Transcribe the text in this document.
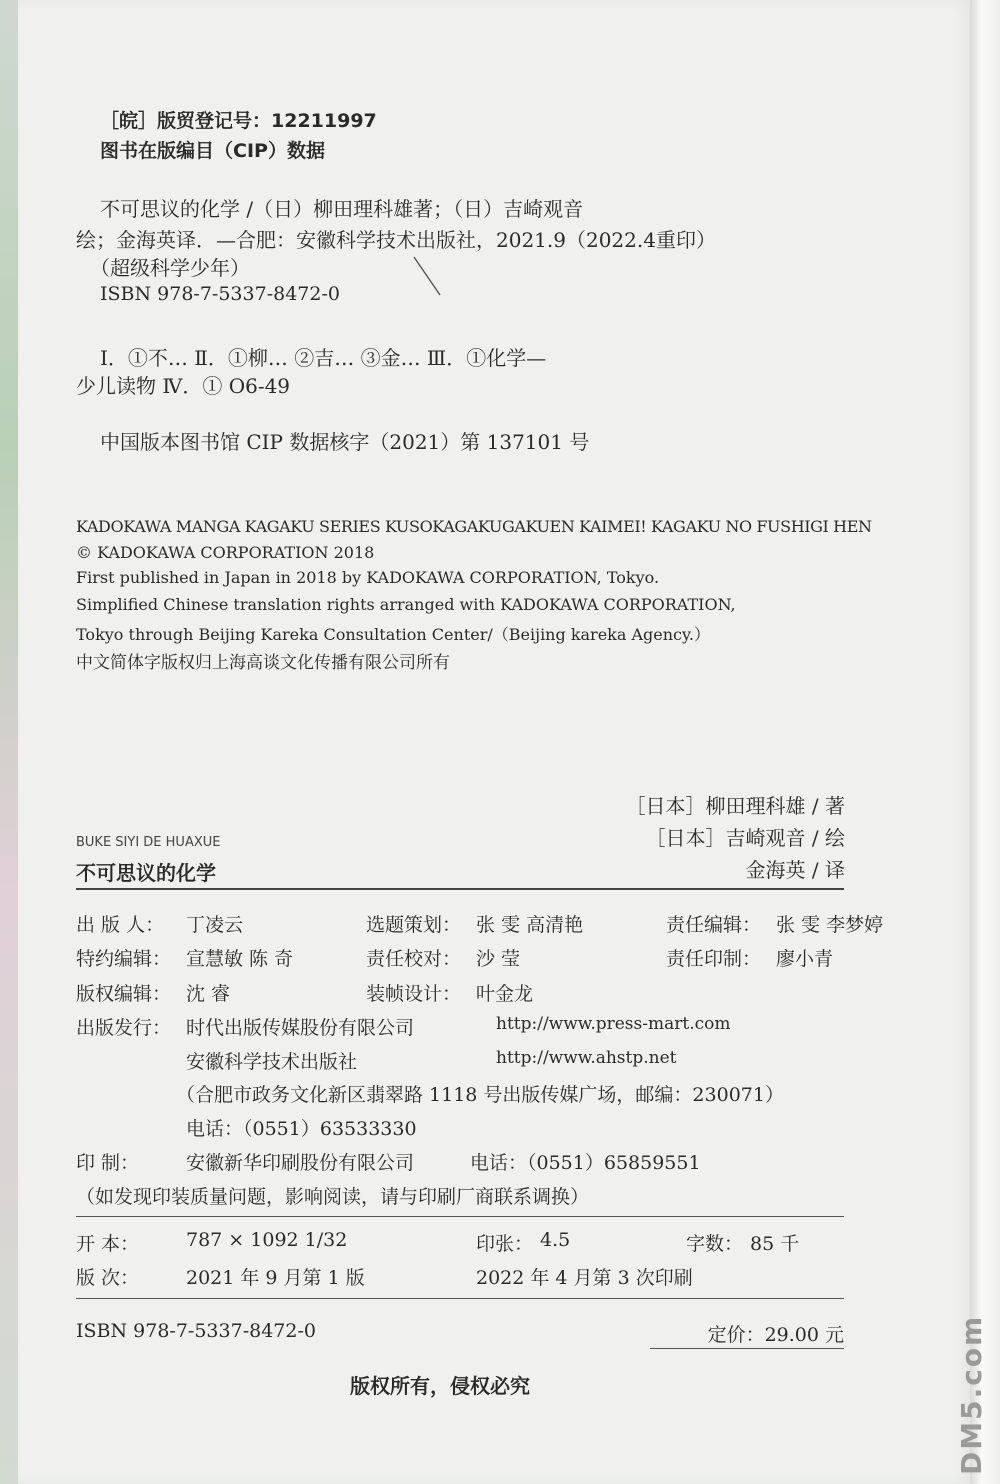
［皖］版贸登记号：12211997
图书在版编目（CIP）数据
不可思议的化学 /（日）柳田理科雄著；（日）吉崎观音
绘；金海英译．—合肥：安徽科学技术出版社，2021.9（2022.4重印）
（超级科学少年）
ISBN 978-7-5337-8472-0
Ⅰ．①不… Ⅱ．①柳… ②吉… ③金… Ⅲ．①化学—
少儿读物 Ⅳ．① O6-49
中国版本图书馆 CIP 数据核字（2021）第 137101 号
KADOKAWA MANGA KAGAKU SERIES KUSOKAGAKUGAKUEN KAIMEI! KAGAKU NO FUSHIGI HEN
© KADOKAWA CORPORATION 2018
First published in Japan in 2018 by KADOKAWA CORPORATION, Tokyo.
Simplified Chinese translation rights arranged with KADOKAWA CORPORATION,
Tokyo through Beijing Kareka Consultation Center/（Beijing kareka Agency.）
中文简体字版权归上海高谈文化传播有限公司所有
［日本］柳田理科雄 / 著
［日本］吉崎观音 / 绘
金海英 / 译
BUKE SIYI DE HUAXUE
不可思议的化学
出 版 人： 丁凌云	选题策划： 张 雯 高清艳	责任编辑： 张 雯 李梦婷
特约编辑： 宣慧敏 陈 奇	责任校对： 沙 莹	责任印制： 廖小青
版权编辑： 沈 睿	装帧设计： 叶金龙
出版发行： 时代出版传媒股份有限公司	http://www.press-mart.com
安徽科学技术出版社	http://www.ahstp.net
（合肥市政务文化新区翡翠路 1118 号出版传媒广场，邮编：230071）
电话：（0551）63533330
印 制： 安徽新华印刷股份有限公司	电话：（0551）65859551
（如发现印装质量问题，影响阅读，请与印刷厂商联系调换）
开 本： 787 × 1092 1/32	印张： 4.5	字数： 85 千
版 次： 2021 年 9 月第 1 版	2022 年 4 月第 3 次印刷
ISBN 978-7-5337-8472-0	定价：29.00 元
版权所有，侵权必究	DM5.com
